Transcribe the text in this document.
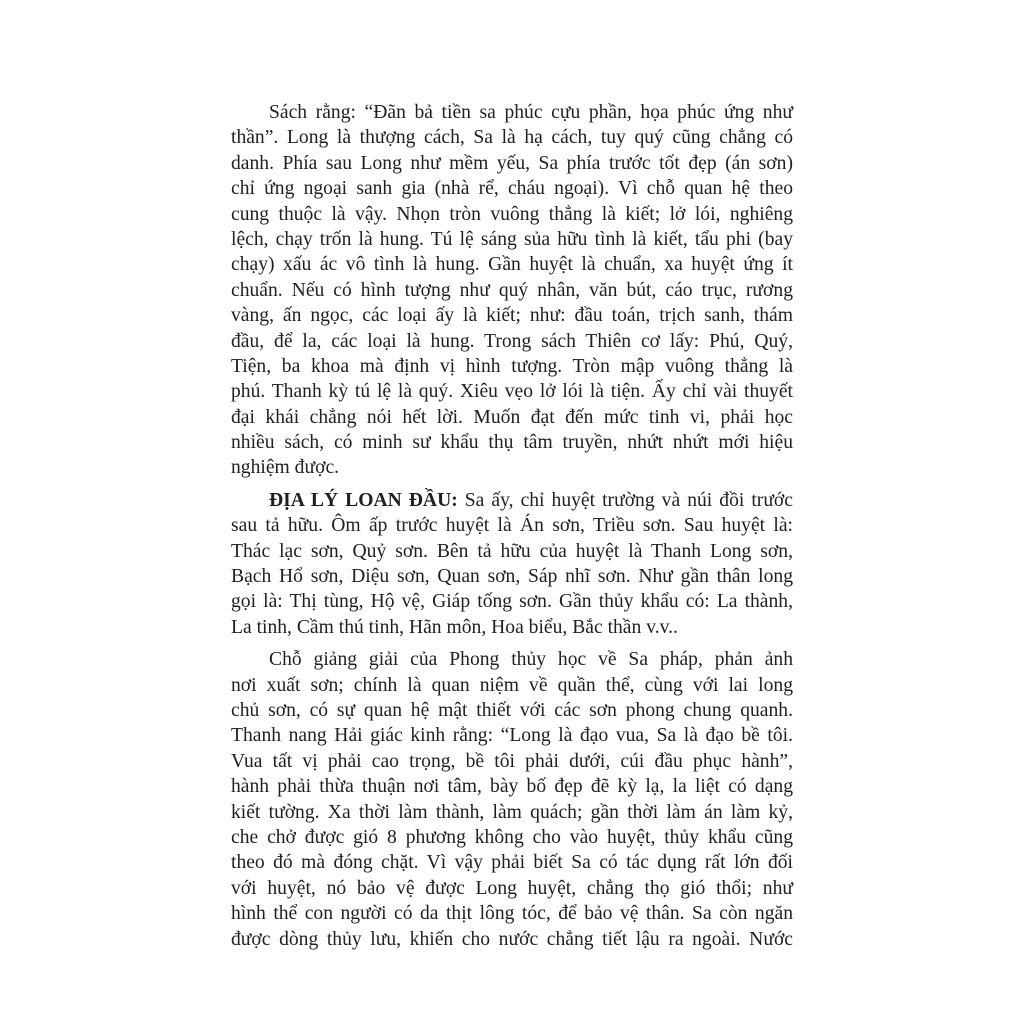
Sách rằng: “Đãn bả tiền sa phúc cựu phần, họa phúc ứng như
thần”. Long là thượng cách, Sa là hạ cách, tuy quý cũng chẳng có
danh. Phía sau Long như mềm yếu, Sa phía trước tốt đẹp (án sơn)
chỉ ứng ngoại sanh gia (nhà rể, cháu ngoại). Vì chỗ quan hệ theo
cung thuộc là vậy. Nhọn tròn vuông thẳng là kiết; lở lói, nghiêng
lệch, chạy trốn là hung. Tú lệ sáng sủa hữu tình là kiết, tẩu phi (bay
chạy) xấu ác vô tình là hung. Gần huyệt là chuẩn, xa huyệt ứng ít
chuẩn. Nếu có hình tượng như quý nhân, văn bút, cáo trục, rương
vàng, ấn ngọc, các loại ấy là kiết; như: đầu toán, trịch sanh, thám
đầu, để la, các loại là hung. Trong sách Thiên cơ lấy: Phú, Quý,
Tiện, ba khoa mà định vị hình tượng. Tròn mập vuông thẳng là
phú. Thanh kỳ tú lệ là quý. Xiêu vẹo lở lói là tiện. Ấy chỉ vài thuyết
đại khái chẳng nói hết lời. Muốn đạt đến mức tinh vi, phải học
nhiều sách, có minh sư khẩu thụ tâm truyền, nhứt nhứt mới hiệu
nghiệm được.
ĐỊA LÝ LOAN ĐẦU: Sa ấy, chỉ huyệt trường và núi đồi trước
sau tả hữu. Ôm ấp trước huyệt là Án sơn, Triều sơn. Sau huyệt là:
Thác lạc sơn, Quỷ sơn. Bên tả hữu của huyệt là Thanh Long sơn,
Bạch Hổ sơn, Diệu sơn, Quan sơn, Sáp nhĩ sơn. Như gần thân long
gọi là: Thị tùng, Hộ vệ, Giáp tống sơn. Gần thủy khẩu có: La thành,
La tinh, Cầm thú tinh, Hãn môn, Hoa biểu, Bắc thần v.v..
Chỗ giảng giải của Phong thủy học về Sa pháp, phản ảnh
nơi xuất sơn; chính là quan niệm về quần thể, cùng với lai long
chủ sơn, có sự quan hệ mật thiết với các sơn phong chung quanh.
Thanh nang Hải giác kinh rằng: “Long là đạo vua, Sa là đạo bề tôi.
Vua tất vị phải cao trọng, bề tôi phải dưới, cúi đầu phục hành”,
hành phải thừa thuận nơi tâm, bày bố đẹp đẽ kỳ lạ, la liệt có dạng
kiết tường. Xa thời làm thành, làm quách; gần thời làm án làm kỷ,
che chở được gió 8 phương không cho vào huyệt, thủy khẩu cũng
theo đó mà đóng chặt. Vì vậy phải biết Sa có tác dụng rất lớn đối
với huyệt, nó bảo vệ được Long huyệt, chẳng thọ gió thổi; như
hình thể con người có da thịt lông tóc, để bảo vệ thân. Sa còn ngăn
được dòng thủy lưu, khiến cho nước chẳng tiết lậu ra ngoài. Nước
